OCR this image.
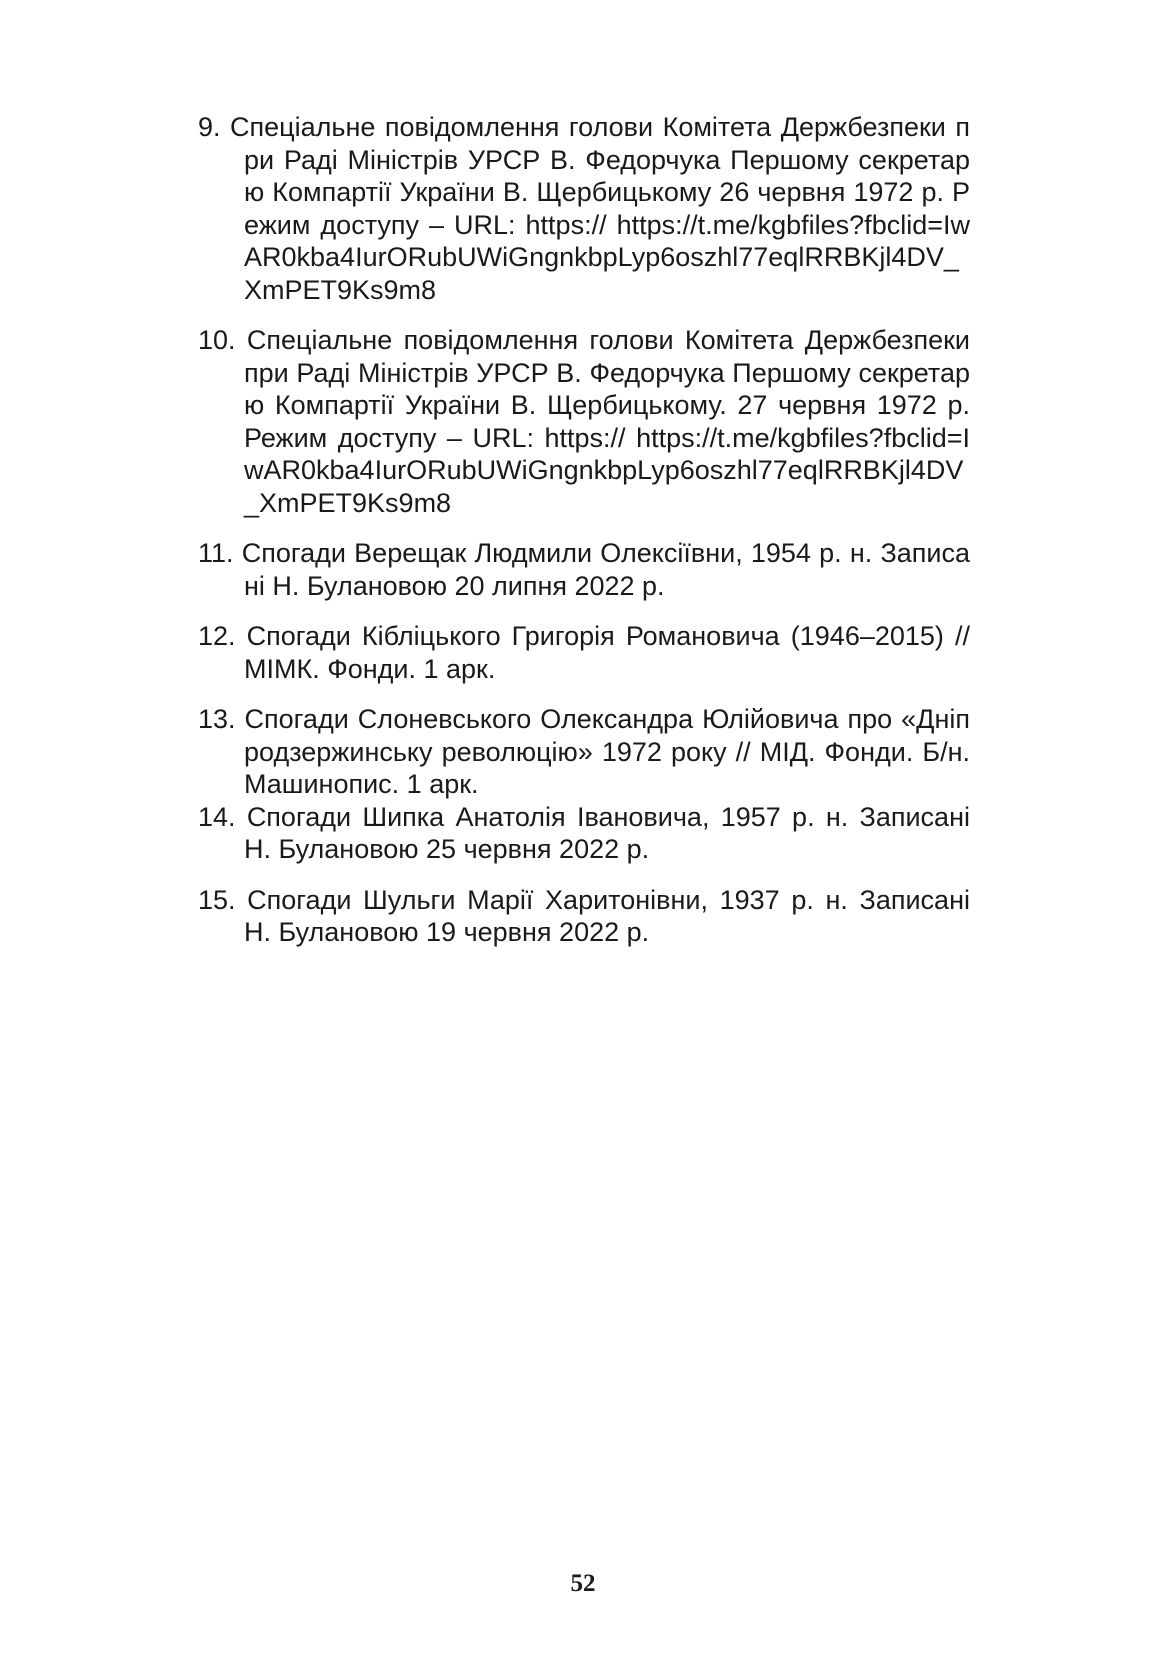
9. Спеціальне повідомлення голови Комітета Держбезпеки при Раді Міністрів УРСР В. Федорчука Першому секретарю Компартії України В. Щербицькому 26 червня 1972 р. Режим доступу – URL: https:// https://t.me/kgbfiles?fbclid=IwAR0kba4IurORubUWiGngnkbpLyp6oszhl77eqlRRBKjl4DV_XmPET9Ks9m8
10. Спеціальне повідомлення голови Комітета Держбезпеки при Раді Міністрів УРСР В. Федорчука Першому секретарю Компартії України В. Щербицькому. 27 червня 1972 р. Режим доступу – URL: https:// https://t.me/kgbfiles?fbclid=IwAR0kba4IurORubUWiGngnkbpLyp6oszhl77eqlRRBKjl4DV_XmPET9Ks9m8
11. Спогади Верещак Людмили Олексіївни, 1954 р. н. Записані Н. Булановою 20 липня 2022 р.
12. Спогади Кібліцького Григорія Романовича (1946–2015) // МІМК. Фонди. 1 арк.
13. Спогади Слоневського Олександра Юлійовича про «Дніпродзержинську революцію» 1972 року // МІД. Фонди. Б/н. Машинопис. 1 арк.
14. Спогади Шипка Анатолія Івановича, 1957 р. н. Записані Н. Булановою 25 червня 2022 р.
15. Спогади Шульги Марії Харитонівни, 1937 р. н. Записані Н. Булановою 19 червня 2022 р.
52
